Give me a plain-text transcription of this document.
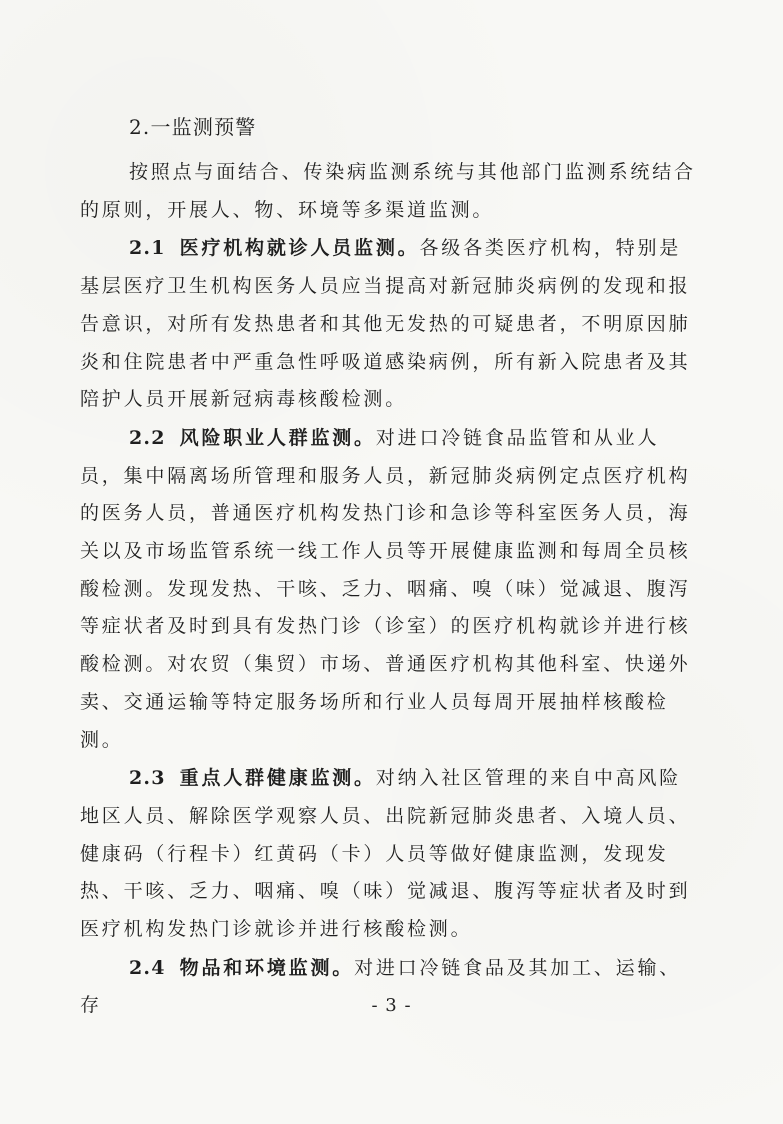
2.一监测预警

按照点与面结合、传染病监测系统与其他部门监测系统结合的原则，开展人、物、环境等多渠道监测。

2.1 医疗机构就诊人员监测。各级各类医疗机构，特别是基层医疗卫生机构医务人员应当提高对新冠肺炎病例的发现和报告意识，对所有发热患者和其他无发热的可疑患者，不明原因肺炎和住院患者中严重急性呼吸道感染病例，所有新入院患者及其陪护人员开展新冠病毒核酸检测。

2.2 风险职业人群监测。对进口冷链食品监管和从业人员，集中隔离场所管理和服务人员，新冠肺炎病例定点医疗机构的医务人员，普通医疗机构发热门诊和急诊等科室医务人员，海关以及市场监管系统一线工作人员等开展健康监测和每周全员核酸检测。发现发热、干咳、乏力、咽痛、嗅（味）觉减退、腹泻等症状者及时到具有发热门诊（诊室）的医疗机构就诊并进行核酸检测。对农贸（集贸）市场、普通医疗机构其他科室、快递外卖、交通运输等特定服务场所和行业人员每周开展抽样核酸检测。

2.3 重点人群健康监测。对纳入社区管理的来自中高风险地区人员、解除医学观察人员、出院新冠肺炎患者、入境人员、健康码（行程卡）红黄码（卡）人员等做好健康监测，发现发热、干咳、乏力、咽痛、嗅（味）觉减退、腹泻等症状者及时到医疗机构发热门诊就诊并进行核酸检测。

2.4 物品和环境监测。对进口冷链食品及其加工、运输、存	- 3 -
